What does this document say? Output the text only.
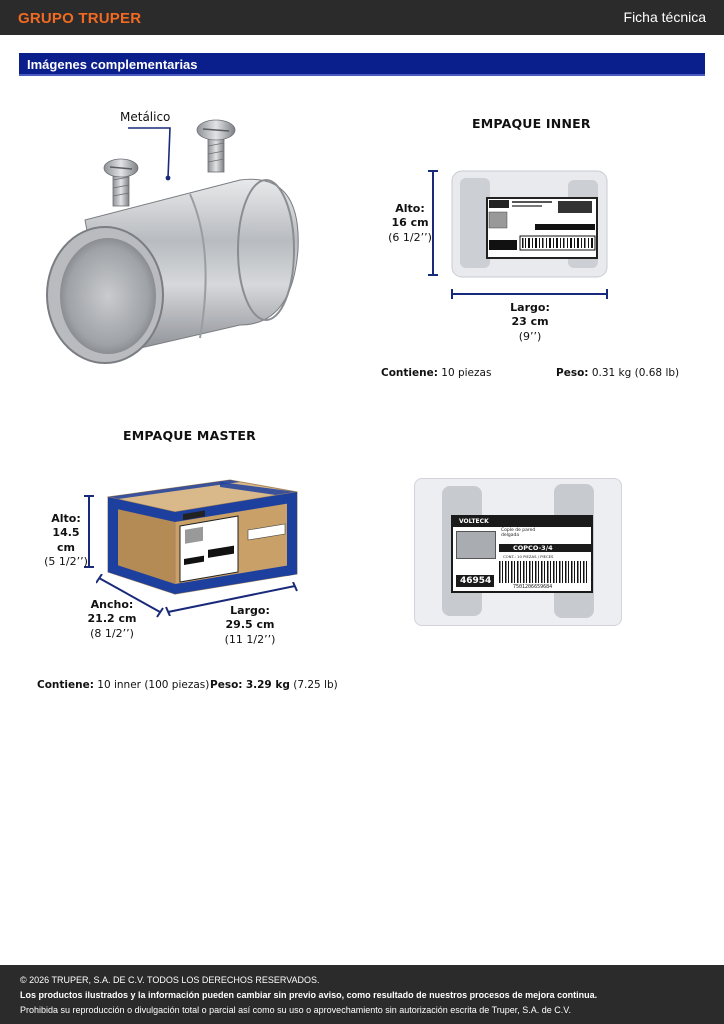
GRUPO TRUPER	Ficha técnica
Imágenes complementarias
Metálico	EMPAQUE INNER
Alto:
16 cm
(6 1/2’’)
Largo:
23 cm
(9’’)
Contiene: 10 piezas	Peso: 0.31 kg (0.68 lb)
EMPAQUE MASTER
Alto:
14.5 cm
(5 1/2’’)
Ancho:
21.2 cm
(8 1/2’’)
Largo:
29.5 cm
(11 1/2’’)
Contiene: 10 inner (100 piezas) Peso: 3.29 kg (7.25 lb)
VOLTECK
Cople de pared delgada
COPCO-3/4
CONT.: 10 PIEZAS / PIECES
46954
7501206659684
© 2026 TRUPER, S.A. DE C.V. TODOS LOS DERECHOS RESERVADOS.
Los productos ilustrados y la información pueden cambiar sin previo aviso, como resultado de nuestros procesos de mejora continua.
Prohibida su reproducción o divulgación total o parcial así como su uso o aprovechamiento sin autorización escrita de Truper, S.A. de C.V.
